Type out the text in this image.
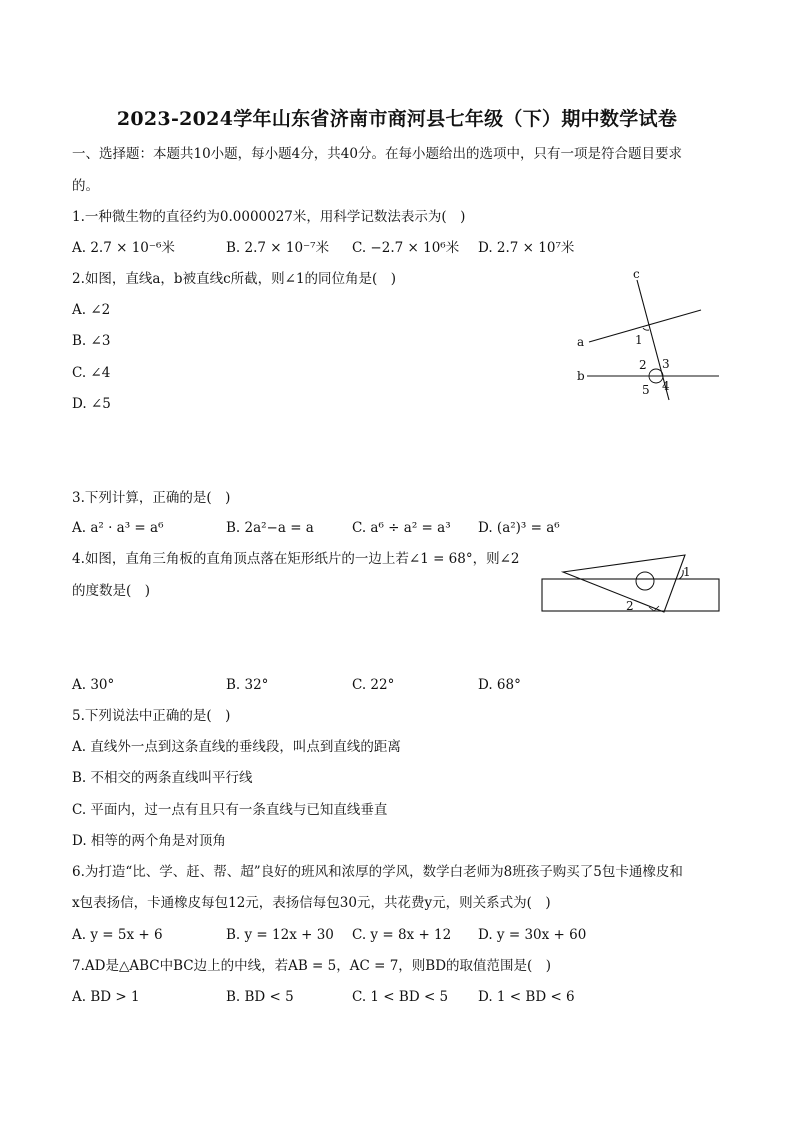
2023-2024学年山东省济南市商河县七年级（下）期中数学试卷
一、选择题：本题共10小题，每小题4分，共40分。在每小题给出的选项中，只有一项是符合题目要求
的。
1.一种微生物的直径约为0.0000027米，用科学记数法表示为(　)
A. 2.7 × 10⁻⁶米	B. 2.7 × 10⁻⁷米 C. −2.7 × 10⁶米 D. 2.7 × 10⁷米
2.如图，直线a，b被直线c所截，则∠1的同位角是(　)
A. ∠2
B. ∠3
C. ∠4
D. ∠5
c
a
b
1
2 3
4
5
3.下列计算，正确的是(　)
A. a² · a³ = a⁶	B. 2a²−a = a	C. a⁶ ÷ a² = a³ D. (a²)³ = a⁶
4.如图，直角三角板的直角顶点落在矩形纸片的一边上若∠1 = 68°，则∠2
的度数是(　)
1
2
A. 30°	B. 32°	C. 22°	D. 68°
5.下列说法中正确的是(　)
A. 直线外一点到这条直线的垂线段，叫点到直线的距离
B. 不相交的两条直线叫平行线
C. 平面内，过一点有且只有一条直线与已知直线垂直
D. 相等的两个角是对顶角
6.为打造“比、学、赶、帮、超”良好的班风和浓厚的学风，数学白老师为8班孩子购买了5包卡通橡皮和
x包表扬信，卡通橡皮每包12元，表扬信每包30元，共花费y元，则关系式为(　)
A. y = 5x + 6	B. y = 12x + 30 C. y = 8x + 12 D. y = 30x + 60
7.AD是△ABC中BC边上的中线，若AB = 5，AC = 7，则BD的取值范围是(　)
A. BD > 1	B. BD < 5	C. 1 < BD < 5 D. 1 < BD < 6
